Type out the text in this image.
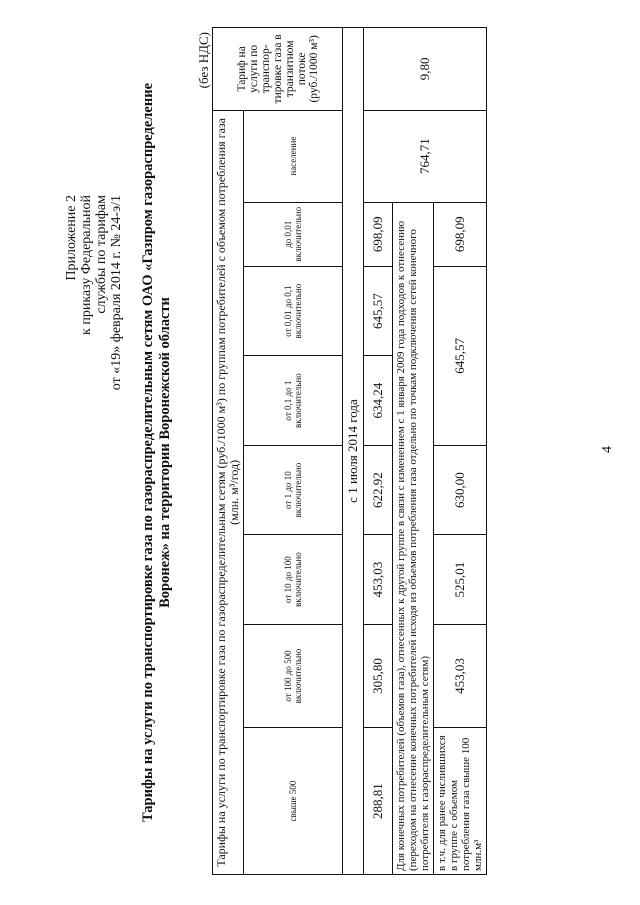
Приложение 2 к приказу Федеральной службы по тарифам от «19» февраля 2014 г. № 24-э/1 Тарифы на услуги по транспортировке газа по газораспределительным сетям ОАО «Газпром газораспределение Воронеж» на территории Воронежской области
(без НДС)
Тарифы на услуги по транспортировке газа по газораспределительным сетям (руб./1000 м³) по группам потребителей с объемом потребления газа (млн. м³/год)								Тариф на услуги по транспор-тировке газа в транзитном потоке (руб./1000 м³)
свыше 500	от 100 до 500 включительно	от 10 до 100 включительно	от 1 до 10 включительно	от 0,1 до 1 включительно	от 0,01 до 0,1 включительно	до 0,01 включительно	население	
с 1 июля 2014 года								
288,81	305,80	453,03	622,92	634,24	645,57	698,09	764,71	9,80
Для конечных потребителей (объемов газа), отнесенных к другой группе в связи с изменением с 1 января 2009 года подходов к отнесению (переходом на отнесение конечных потребителей исходя из объемов потребления газа отдельно по точкам подключения сетей конечного потребителя к газораспределительным сетям)								
в т.ч. для ранее числившихся в группе с объемом потребления газа свыше 100 млн.м³	453,03	525,01	630,00	645,57		698,09		
4
